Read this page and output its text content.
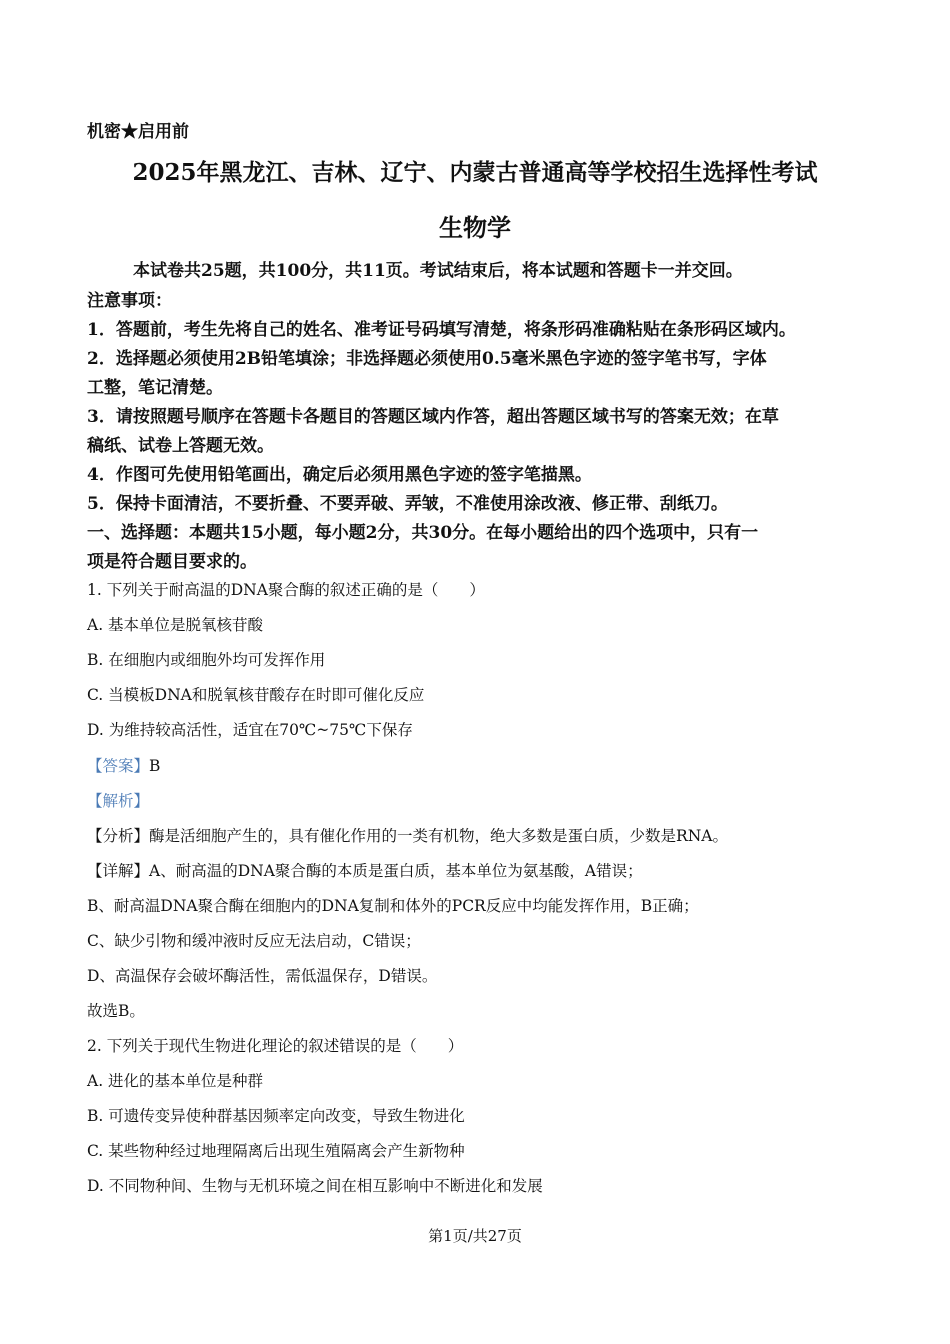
机密★启用前
2025年黑龙江、吉林、辽宁、内蒙古普通高等学校招生选择性考试
生物学
本试卷共25题，共100分，共11页。考试结束后，将本试题和答题卡一并交回。
注意事项：
1．答题前，考生先将自己的姓名、准考证号码填写清楚，将条形码准确粘贴在条形码区域内。
2．选择题必须使用2B铅笔填涂；非选择题必须使用0.5毫米黑色字迹的签字笔书写，字体
工整，笔记清楚。
3．请按照题号顺序在答题卡各题目的答题区域内作答，超出答题区域书写的答案无效；在草
稿纸、试卷上答题无效。
4．作图可先使用铅笔画出，确定后必须用黑色字迹的签字笔描黑。
5．保持卡面清洁，不要折叠、不要弄破、弄皱，不准使用涂改液、修正带、刮纸刀。
一、选择题：本题共15小题，每小题2分，共30分。在每小题给出的四个选项中，只有一
项是符合题目要求的。
1. 下列关于耐高温的DNA聚合酶的叙述正确的是（　　）
A. 基本单位是脱氧核苷酸
B. 在细胞内或细胞外均可发挥作用
C. 当模板DNA和脱氧核苷酸存在时即可催化反应
D. 为维持较高活性，适宜在70℃~75℃下保存
【答案】B
【解析】
【分析】酶是活细胞产生的，具有催化作用的一类有机物，绝大多数是蛋白质，少数是RNA。
【详解】A、耐高温的DNA聚合酶的本质是蛋白质，基本单位为氨基酸，A错误；
B、耐高温DNA聚合酶在细胞内的DNA复制和体外的PCR反应中均能发挥作用，B正确；
C、缺少引物和缓冲液时反应无法启动，C错误；
D、高温保存会破坏酶活性，需低温保存，D错误。
故选B。
2. 下列关于现代生物进化理论的叙述错误的是（　　）
A. 进化的基本单位是种群
B. 可遗传变异使种群基因频率定向改变，导致生物进化
C. 某些物种经过地理隔离后出现生殖隔离会产生新物种
D. 不同物种间、生物与无机环境之间在相互影响中不断进化和发展
第1页/共27页
